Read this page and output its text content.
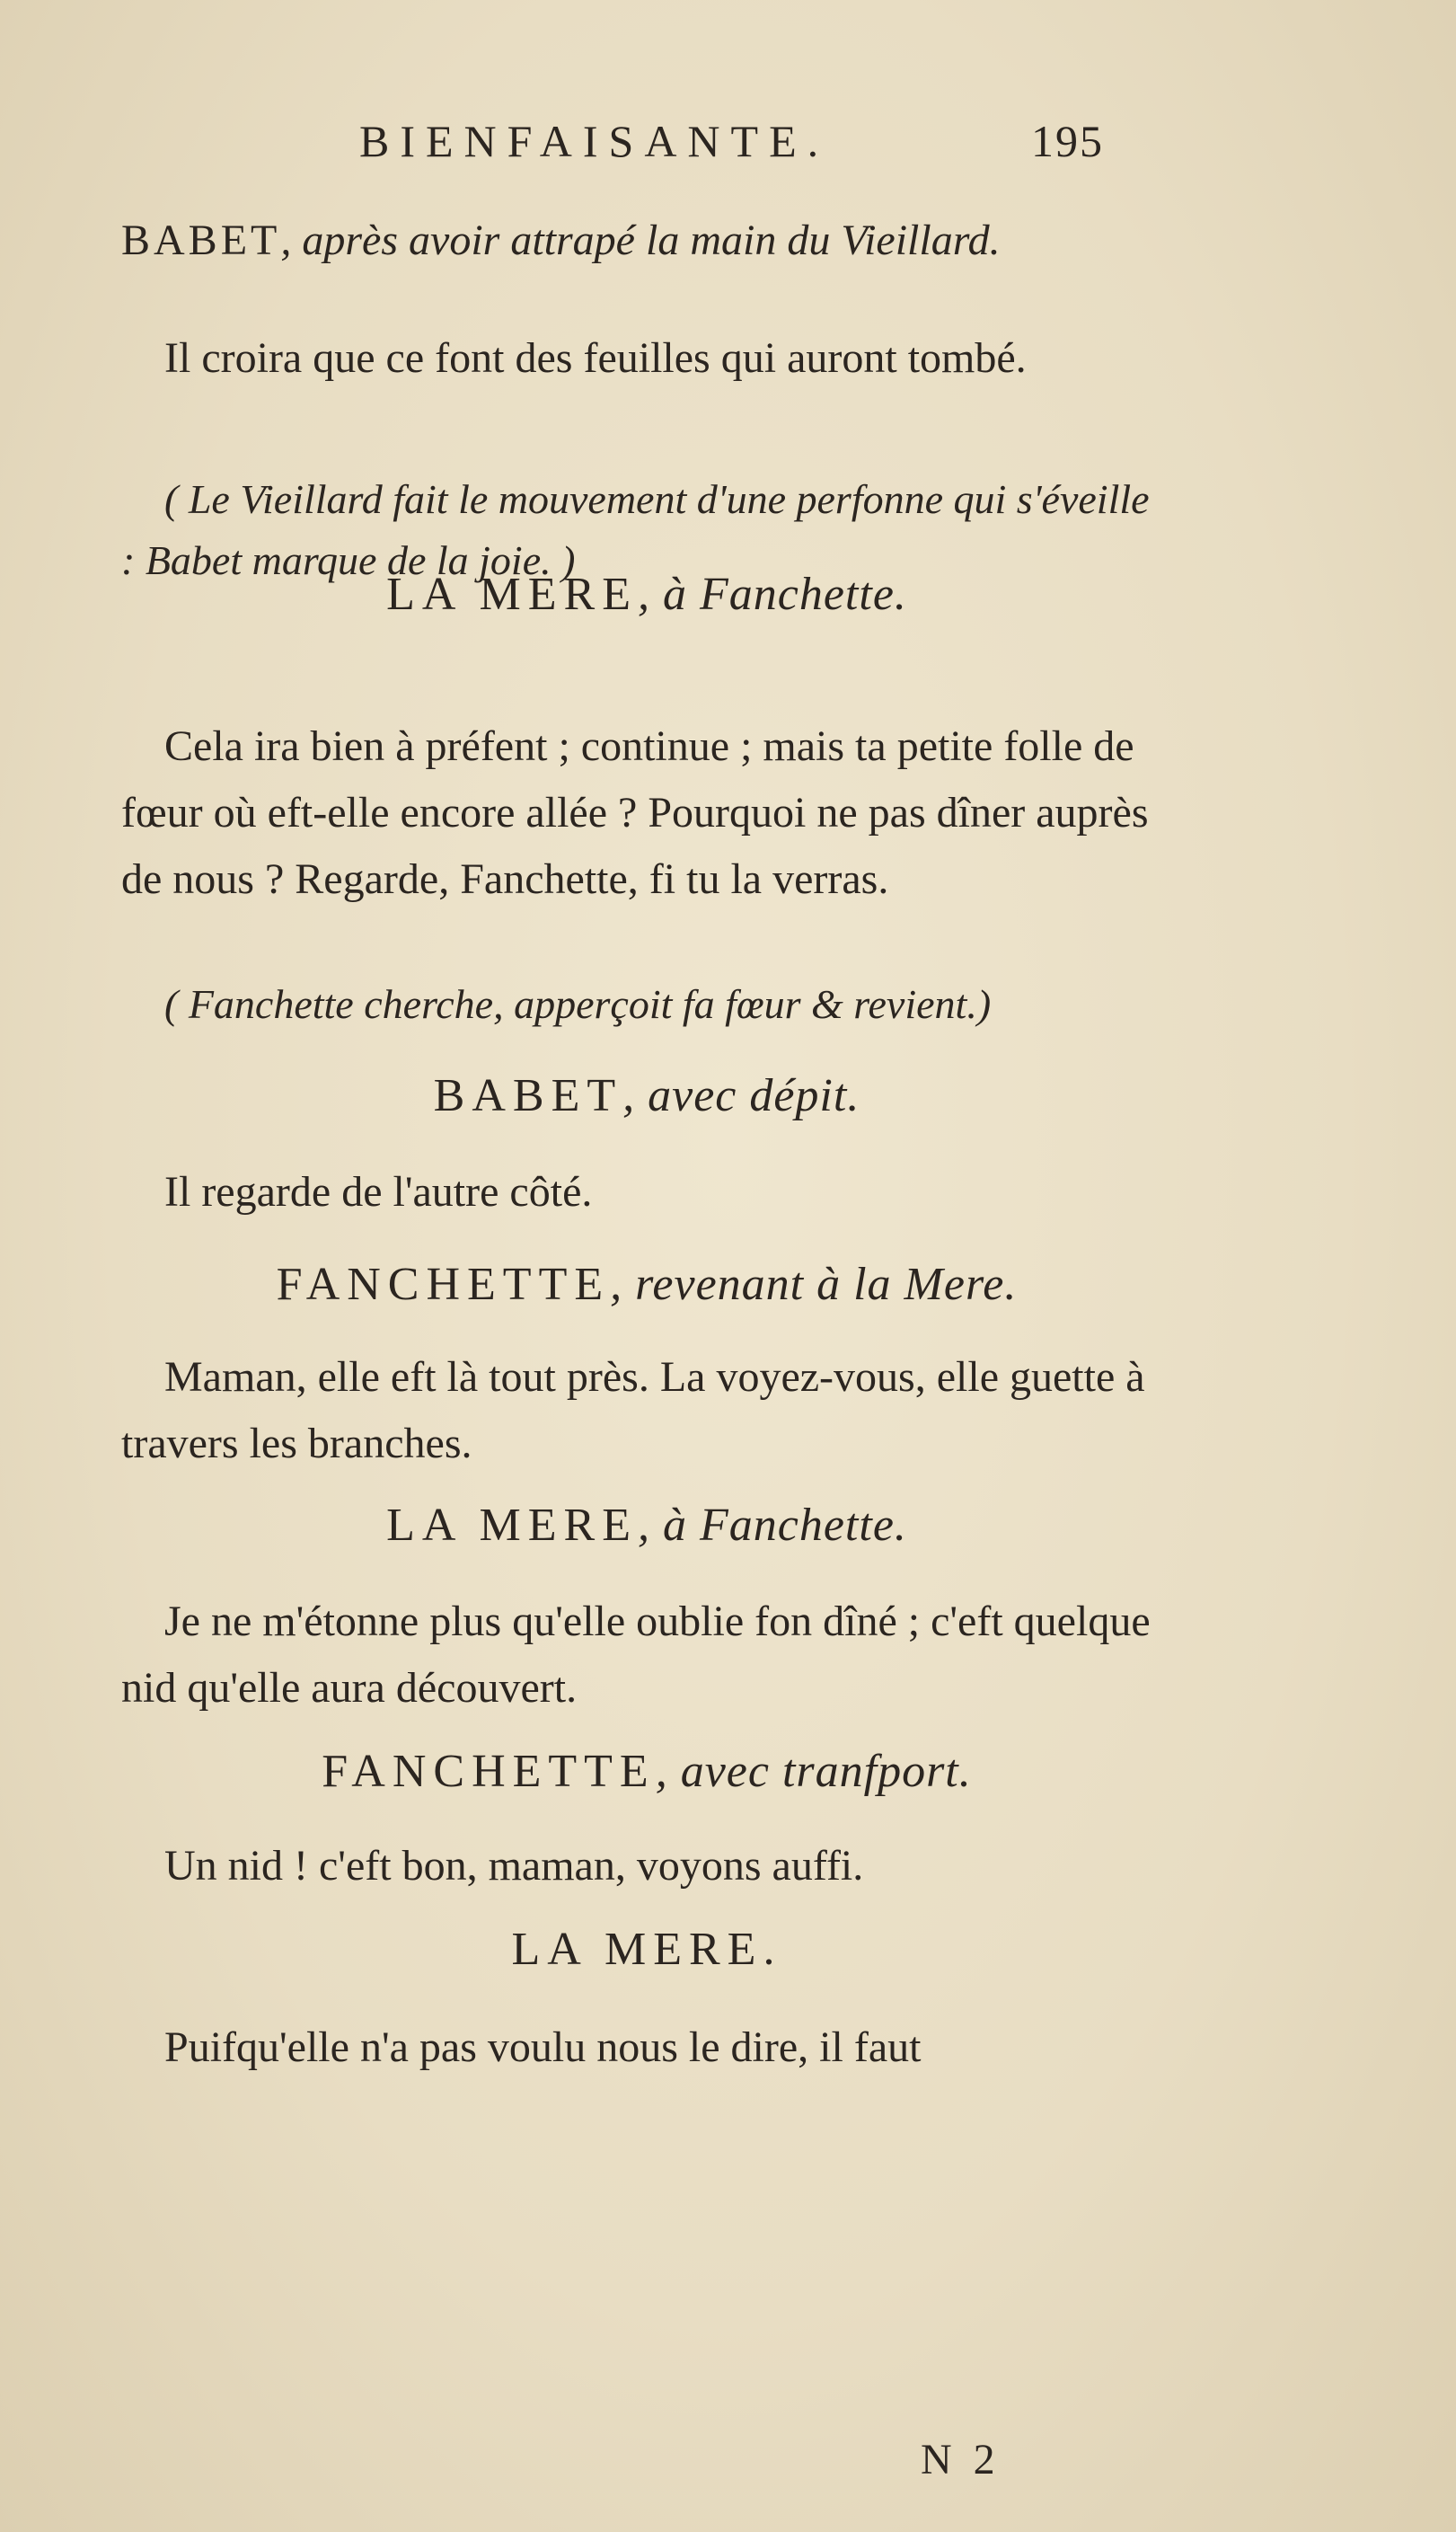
BIENFAISANTE.	195
BABET, après avoir attrapé la main du Vieillard.
Il croira que ce font des feuilles qui auront tombé.
( Le Vieillard fait le mouvement d'une perfonne qui s'éveille : Babet marque de la joie. )
LA MERE, à Fanchette.
Cela ira bien à préfent ; continue ; mais ta petite folle de fœur où eft-elle encore allée ? Pourquoi ne pas dîner auprès de nous ? Regarde, Fanchette, fi tu la verras.
( Fanchette cherche, apperçoit fa fœur & revient.)
BABET, avec dépit.
Il regarde de l'autre côté.
FANCHETTE, revenant à la Mere.
Maman, elle eft là tout près. La voyez-vous, elle guette à travers les branches.
LA MERE, à Fanchette.
Je ne m'étonne plus qu'elle oublie fon dîné ; c'eft quelque nid qu'elle aura découvert.
FANCHETTE, avec tranfport.
Un nid ! c'eft bon, maman, voyons auffi.
LA MERE.
Puifqu'elle n'a pas voulu nous le dire, il faut
N 2
